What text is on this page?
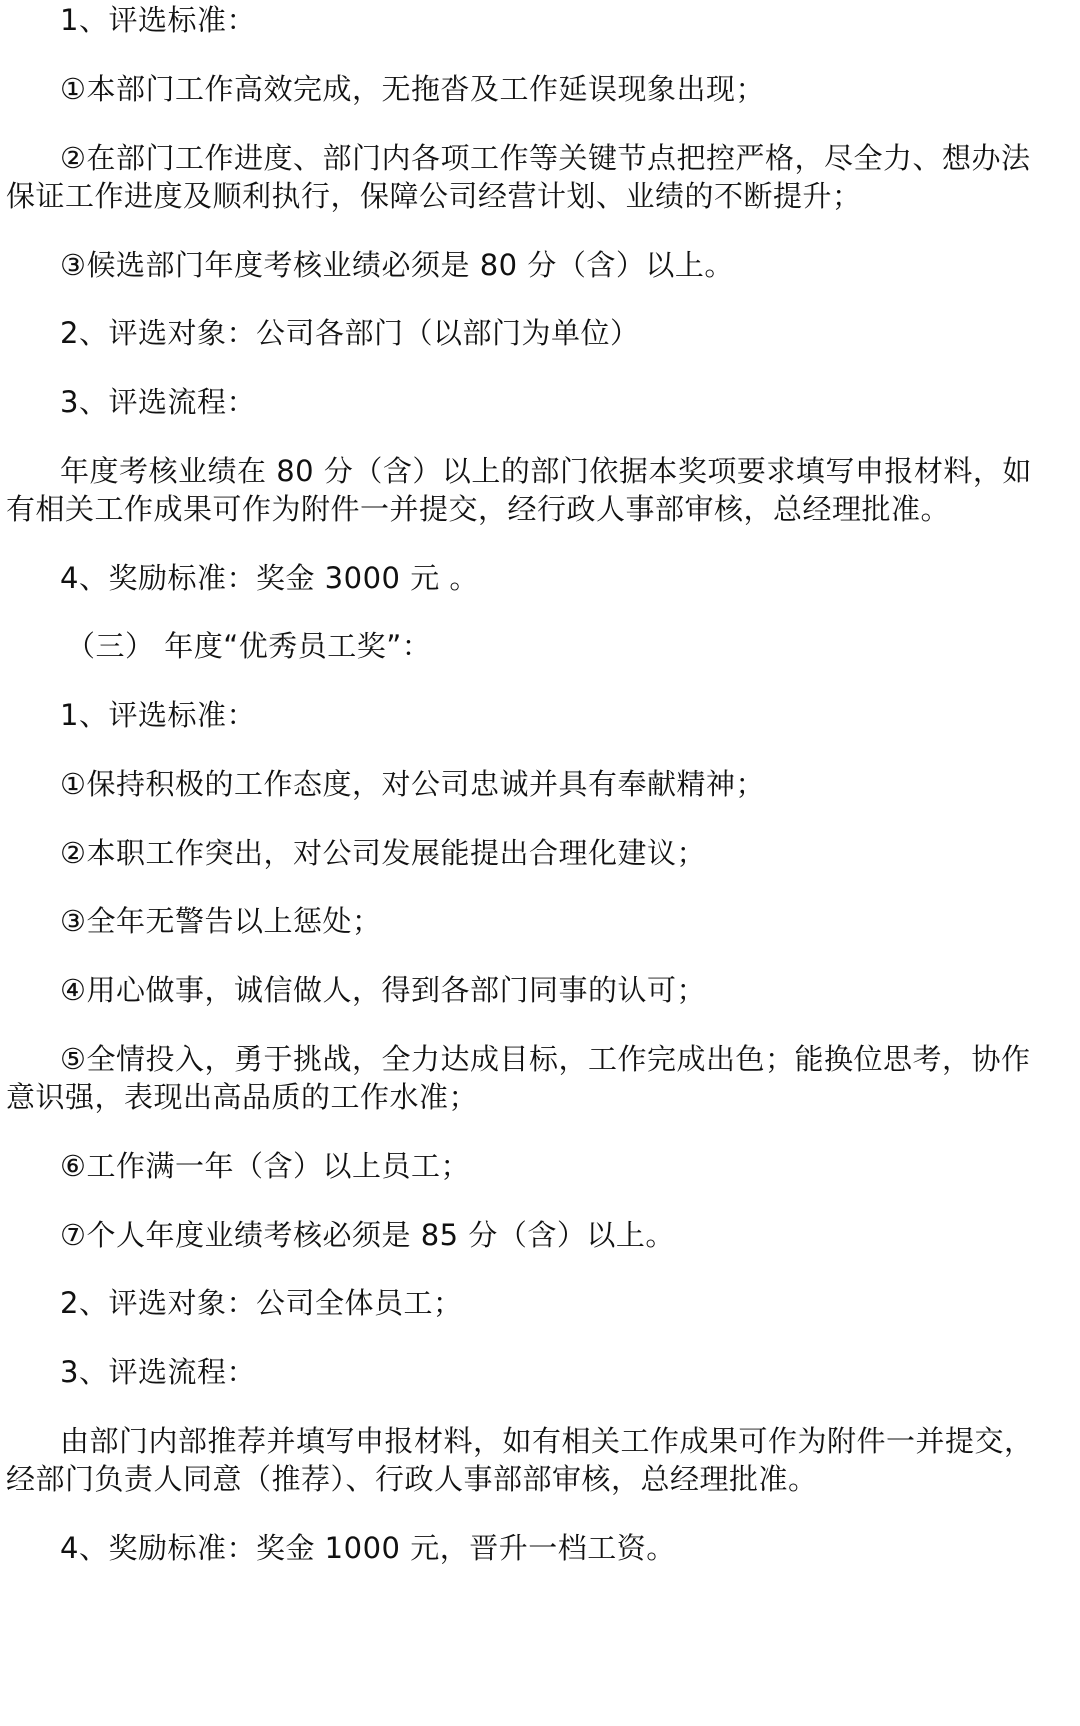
1、评选标准：
①本部门工作高效完成，无拖沓及工作延误现象出现；
②在部门工作进度、部门内各项工作等关键节点把控严格，尽全力、想办法
保证工作进度及顺利执行，保障公司经营计划、业绩的不断提升；
③候选部门年度考核业绩必须是 80 分（含）以上。
2、评选对象：公司各部门（以部门为单位）
3、评选流程：
年度考核业绩在 80 分（含）以上的部门依据本奖项要求填写申报材料，如
有相关工作成果可作为附件一并提交，经行政人事部审核，总经理批准。
4、奖励标准：奖金 3000 元 。
（三） 年度“优秀员工奖”：
1、评选标准：
①保持积极的工作态度，对公司忠诚并具有奉献精神；
②本职工作突出，对公司发展能提出合理化建议；
③全年无警告以上惩处；
④用心做事，诚信做人，得到各部门同事的认可；
⑤全情投入，勇于挑战，全力达成目标，工作完成出色；能换位思考，协作
意识强，表现出高品质的工作水准；
⑥工作满一年（含）以上员工；
⑦个人年度业绩考核必须是 85 分（含）以上。
2、评选对象：公司全体员工；
3、评选流程：
由部门内部推荐并填写申报材料，如有相关工作成果可作为附件一并提交，
经部门负责人同意（推荐）、行政人事部部审核，总经理批准。
4、奖励标准：奖金 1000 元，晋升一档工资。
